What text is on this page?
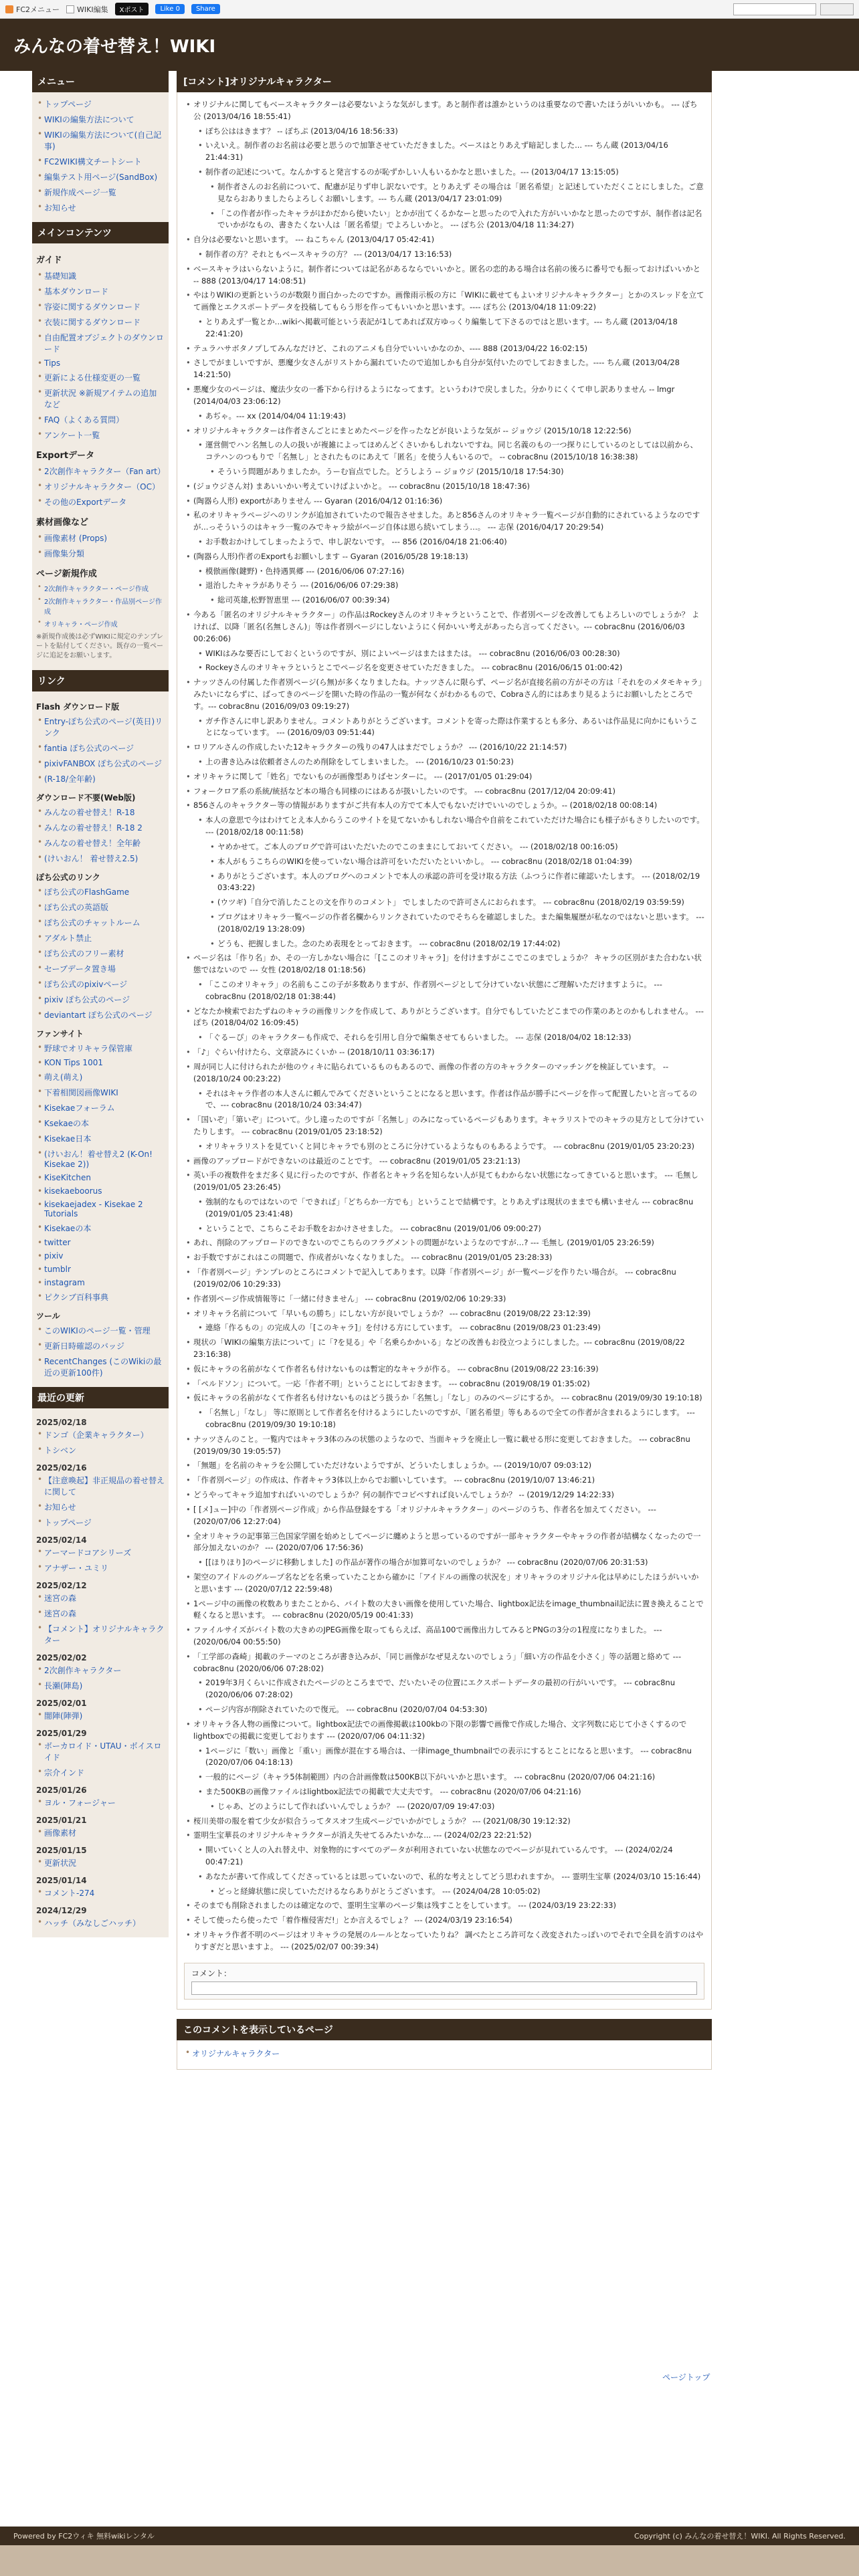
FC2メニュー WIKI編集	Xポスト	Like 0	Share
みんなの着せ替え！WIKI
メニュー
• トップページ
• WIKIの編集方法について
• WIKIの編集方法について(自己記事)
• FC2WIKI構文チートシート
• 編集テスト用ページ(SandBox)
• 新規作成ページ一覧
• お知らせ
メインコンテンツ
ガイド
• 基礎知識
• 基本ダウンロード
• 容姿に関するダウンロード
• 衣装に関するダウンロード
• 自由配置オブジェクトのダウンロード
• Tips
• 更新による仕様変更の一覧
• 更新状況 ※新規アイテムの追加など
• FAQ（よくある質問）
• アンケート一覧
Exportデータ
• 2次創作キャラクター（Fan art）
• オリジナルキャラクター（OC）
• その他のExportデータ
素材画像など
• 画像素材 (Props)
• 画像集分類
ページ新規作成
• 2次創作キャラクター・ページ作成
• 2次創作キャラクター・作品別ページ作成
• オリキャラ・ページ作成
※新規作成後は必ずWIKIに規定のテンプレートを貼付してください。既存の一覧ページに追記をお願いします。
リンク
Flash ダウンロード版
• Entry-ぽち公式のページ(英日)リンク
• fantia ぽち公式のページ
• pixivFANBOX ぽち公式のページ
• (R-18/全年齢)
ダウンロード不要(Web版)
• みんなの着せ替え！R-18
• みんなの着せ替え！R-18 2
• みんなの着せ替え！全年齢
• (けいおん！ 着せ替え2.5)
ぽち公式のリンク
• ぽち公式のFlashGame
• ぽち公式の英語版
• ぽち公式のチャットルーム
• アダルト禁止
• ぽち公式のフリー素材
• セーブデータ置き場
• ぽち公式のpixivページ
• pixiv ぽち公式のページ
• deviantart ぽち公式のページ
ファンサイト
• 野球でオリキャラ保管庫
• KON Tips 1001
• 萌え(萌え)
• 下着相関図画像WIKI
• Kisekaeフォーラム
• Ksekaeの本
• Kisekae日本
• (けいおん！着せ替え2 (K-On! Kisekae 2))
• KiseKitchen
• kisekaeboorus
• kisekaejadex - Kisekae 2 Tutorials
• Kisekaeの本
• twitter
• pixiv
• tumblr
• instagram
• ピクシブ百科事典
ツール
• このWIKIのページ一覧・管理
• 更新日時確認のバッジ
• RecentChanges (このWikiの最近の更新100件)
最近の更新
2025/02/18
• ドンゴ（企業キャラクター）
• トシベン
2025/02/16
• 【注意喚起】非正規品の着せ替えに関して
• お知らせ
• トップページ
2025/02/14
• アーマードコアシリーズ
• アナザー・ユミリ
2025/02/12
• 迷宮の森
• 迷宮の森
• 【コメント】オリジナルキャラクター
2025/02/02
• 2次創作キャラクター
• 長瀬(陣島)
2025/02/01
• 闇陣(陣弾)
2025/01/29
• ボーカロイド・UTAU・ボイスロイド
• 宗介インド
2025/01/26
• ヨル・フォージャー
2025/01/21
• 画像素材
2025/01/15
• 更新状況
2025/01/14
• コメント-274
2024/12/29
• ハッチ（みなしごハッチ）
[コメント]オリジナルキャラクター
• オリジナルに関してもベースキャラクターは必要ないような気がします。あと制作者は誰かというのは重要なので書いたほうがいいかも。 --- ぽち公 (2013/04/16 18:55:41)
• ぽち公ははきます？ -- ぽちぷ (2013/04/16 18:56:33)
• いえいえ。制作者のお名前は必要と思うので加筆させていただきました。ベースはとりあえず暗記しました... --- ちん蔵 (2013/04/16 21:44:31)
• 制作者の記述について。なんかすると発言するのが恥ずかしい人もいるかなと思いました。--- (2013/04/17 13:15:05)
• 制作者さんのお名前について、配慮が足りず申し訳ないです。とりあえず その場合は「匿名希望」と記述していただくことにしました。ご意見ならおありましたらよろしくお願いします。--- ちん蔵 (2013/04/17 23:01:09)
• 「この作者が作ったキャラがほかだから使いたい」とかが出てくるかなーと思ったので入れた方がいいかなと思ったのですが、制作者は記名でいかがなもの、書きたくない人は「匿名希望」でよろしいかと。 --- ぽち公 (2013/04/18 11:34:27)
• 自分は必要ないと思います。 --- ねこちゃん (2013/04/17 05:42:41)
• 制作者の方？それともベースキャラの方？ --- (2013/04/17 13:16:53)
• ベースキャラはいらないように。制作者については記名があるならでいいかと。匿名の恋的ある場合は名前の後ろに番号でも振っておけばいいかと -- 888 (2013/04/17 14:08:51)
• やはりWIKIの更新というのが数限り面白かったのですか。画像雨示板の方に「WIKIに載せてもよいオリジナルキャラクター」とかのスレッドを立てて画像とエクスポートデータを投稿してもらう形を作ってもいいかと思います。---- ぽち公 (2013/04/18 11:09:22)
• とりあえず一覧とか…wikiへ掲載可能という表記が1してあれば双方ゆっくり編集して下さるのではと思います。--- ちん蔵 (2013/04/18 22:41:20)
• テュラハサボタノプしてみんなだけど、これのアニメも自分でいいいかなのか、---- 888 (2013/04/22 16:02:15)
• さしでがましいですが、悪魔少女さんがリストから漏れていたので追加しかも自分が気付いたのでしておきました。---- ちん蔵 (2013/04/28 14:21:50)
• 悪魔少女のページは、魔法少女の一番下から行けるようになってます。というわけで戻しました。分かりにくくて申し訳ありません -- lmgr (2014/04/03 23:06:12)
• あぢゃ。--- xx (2014/04/04 11:19:43)
• オリジナルキャラクターは作者さんごとにまとめたページを作ったなどが良いような気が -- ジョウジ (2015/10/18 12:22:56)
• 運営側でハン名無しの人の扱いが複雑によってほめんどくさいかもしれないですね。同じ名義のもの一つ探りにしているのとしては以前から、コテハンのつもりで「名無し」とされたものにあえて「匿名」を使う人もいるので。 -- cobrac8nu (2015/10/18 16:38:38)
• そういう問題がありましたか。うーむ盲点でした。どうしよう -- ジョウジ (2015/10/18 17:54:30)
• (ジョウジさん対) まあいいかい考えていけばよいかと。 --- cobrac8nu (2015/10/18 18:47:36)
• (陶器ら人形) exportがありません --- Gyaran (2016/04/12 01:16:36)
• 私のオリキャラページへのリンクが追加されていたので報告させました。あと856さんのオリキャラ一覧ページが自動的にされているようなのですが...っそういうのはキャラ一覧のみでキャラ絵がページ自体は恩ら続いてしまう…。 --- 志保 (2016/04/17 20:29:54)
• お手数おかけしてしまったようで、申し訳ないです。 --- 856 (2016/04/18 21:06:40)
• (陶器ら人形)作者のExportもお願いします -- Gyaran (2016/05/28 19:18:13)
• 模倣画像(鍵野)・色持遇異郷 --- (2016/06/06 07:27:16)
• 退治したキャラがありそう --- (2016/06/06 07:29:38)
• 総司英雄,松野智恵里 --- (2016/06/07 00:39:34)
• 今ある「匿名のオリジナルキャラクター」の作品はRockeyさんのオリキャラということで、作者別ページを改善してもよろしいのでしょうか？ よければ、以降「匿名(名無しさん)」等は作者別ページにしないようにく何かいい考えがあったら言ってください。--- cobrac8nu (2016/06/03 00:26:06)
• WIKIはみな要否にしておくというのですが、別によいページはまたはまたは。 --- cobrac8nu (2016/06/03 00:28:30)
• Rockeyさんのオリキャラというとこでページ名を変更させていただきました。 --- cobrac8nu (2016/06/15 01:00:42)
• ナッツさんの付属した作者別ページ(ら無)が多くなりましたね。ナッツさんに限らず、ページ名が直接名前の方がその方は「それをのメタモキャラ」みたいにならずに、ばってきのページを開いた時の作品の一覧が何なくがわかるもので、Cobraさん的にはあまり見るようにお願いしたところです。--- cobrac8nu (2016/09/03 09:19:27)
• ガチ作さんに申し訳ありません。コメントありがとうございます。コメントを寄った際は作業するとも多分、あるいは作品見に向かにもいうことになっています。 --- (2016/09/03 09:51:44)
• ロリアルさんの作成したいた12キャラクターの残りの47人はまだでしょうか？ --- (2016/10/22 21:14:57)
• 上の書き込みは依頼者さんのため削除をしてしまいました。 --- (2016/10/23 01:50:23)
• オリキャラに関して「姓名」でないものが画像型ありばセンターに。 --- (2017/01/05 01:29:04)
• フォークロア系の系統/統括など本の場合も同様のにはあるが扱いしたいのです。 --- cobrac8nu (2017/12/04 20:09:41)
• 856さんのキャラクター等の情報がありますがご共有本人の方でて本人でもないだけでいいのでしょうか。-- (2018/02/18 00:08:14)
• 本人の意思で今はわけてとえ本人からうこのサイトを見てないかもしれない場合や自前をこれていただけた場合にも様子がもさりしたいのです。 --- (2018/02/18 00:11:58)
• ヤめかせて。ご本人のブログで許可はいただいたのでこのままにしておいてください。 --- (2018/02/18 00:16:05)
• 本人がもうこちらのWIKIを使っていない場合は許可をいただいたといいかし。 --- cobrac8nu (2018/02/18 01:04:39)
• ありがとうございます。本人のブログへのコメントで本人の承認の許可を受け取る方法（ふつうに作者に確認いたします。 --- (2018/02/19 03:43:22)
• (ウツギ)「自分で消したことの文を作りのコメント」 でしましたので許可さんにおられます。 --- cobrac8nu (2018/02/19 03:59:59)
• プログはオリキャラ一覧ページの作者名欄からリンクされていたのでそちらを確認しました。また編集履歴が私なのではないと思います。 --- (2018/02/19 13:28:09)
• どうも、把握しました。念のため表現をとっておきます。 --- cobrac8nu (2018/02/19 17:44:02)
• ページ名は「作り名」か、その一方しかない場合に「[ここのオリキャラ]」を付けますがここでこのまでしょうか？ キャラの区別がまた合わない状態ではないので --- 女性 (2018/02/18 01:18:56)
• 「ここのオリキャラ」の名前もここの子が多数ありますが、作者別ページとして分けていない状態にご理解いただけますように。 --- cobrac8nu (2018/02/18 01:38:44)
• どなたか検索でおたずねのキャラの画像リンクを作成して、ありがとうございます。自分でもしていたどこまでの作業のあとのかもしれません。 --- ぽち (2018/04/02 16:09:45)
• 「ぐるーぴ」のキャラクターも作成で、それらを引用し自分で編集させてもらいました。 --- 志保 (2018/04/02 18:12:33)
• 「♪」ぐらい付けたら、文章読みにくいか -- (2018/10/11 03:36:17)
• 周が同じ人に付けられたが他のウィキに貼られているものもあるので、画像の作者の方のキャラクターのマッチングを検証しています。 -- (2018/10/24 00:23:22)
• それはキャラ作者の本人さんに頼んでみてくださいということになると思います。作者は作品が勝手にページを作って配置したいと言ってるので、--- cobrac8nu (2018/10/24 03:34:47)
• 「国いぞ」「第いぞ」について。少し違ったのですが「名無し」のみになっているページもあります。キャラリストでのキャラの見方として分けていたりします。 --- cobrac8nu (2019/01/05 23:18:52)
• オリキャラリストを見ていくと同じキャラでも別のところに分けているようなものもあるようです。 --- cobrac8nu (2019/01/05 23:20:23)
• 画像のアップロードができないのは最近のことです。 --- cobrac8nu (2019/01/05 23:21:13)
• 英い手の複数件をまだ多く見に行ったのですが、作者名とキャラ名を知らない人が見てもわからない状態になってきていると思います。 --- 毛無し (2019/01/05 23:26:45)
• 強制的なものではないので「できれば」「どちらか一方でも」ということで結構です。とりあえずは現状のままでも構いません --- cobrac8nu (2019/01/05 23:41:48)
• ということで、こちらこそお手数をおかけさせました。 --- cobrac8nu (2019/01/06 09:00:27)
• あれ、削除のアップロードのできないのでこちらのフラグメントの問題がないようなのですが…? --- 毛無し (2019/01/05 23:26:59)
• お手数ですがこれはこの問題で、作成者がいなくなりました。 --- cobrac8nu (2019/01/05 23:28:33)
• 「作者別ページ」テンプレのところにコメントで記入してあります。以降「作者別ページ」が一覧ページを作りたい場合が。 --- cobrac8nu (2019/02/06 10:29:33)
• 作者別ページ作成情報等に「一緒に付きません」 --- cobrac8nu (2019/02/06 10:29:33)
• オリキャラ名前について「早いもの勝ち」にしない方が良いでしょうか？ --- cobrac8nu (2019/08/22 23:12:39)
• 連絡「作るもの」の完成人の「[このキャラ]」を付ける方にしています。 --- cobrac8nu (2019/08/23 01:23:49)
• 現状の「WIKIの編集方法について」に「?を見る」や「名乗らかかいる」などの改善もお役立つようにしました。--- cobrac8nu (2019/08/22 23:16:38)
• 仮にキャラの名前がなくて作者名も付けないものは暫定的なキャラが作る。 --- cobrac8nu (2019/08/22 23:16:39)
• 「ペルドソン」について。一応「作者不明」ということにしておきます。 --- cobrac8nu (2019/08/19 01:35:02)
• 仮にキャラの名前がなくて作者名も付けないものはどう扱うか「名無し」「なし」のみのページにするか。 --- cobrac8nu (2019/09/30 19:10:18)
• 「名無し」「なし」 等に原則として作者名を付けるようにしたいのですが、「匿名希望」等もあるので全ての作者が含まれるようにします。 --- cobrac8nu (2019/09/30 19:10:18)
• ナッツさんのこと。一覧内ではキャラ3体のみの状態のようなので、当面キャラを廃止し一覧に載せる形に変更しておきました。 --- cobrac8nu (2019/09/30 19:05:57)
• 「無題」を名前のキャラを公開していただけないようですが、どういたしましょうか。--- (2019/10/07 09:03:12)
• 「作者別ページ」の作成は、作者キャラ3体以上からでお願いしています。 --- cobrac8nu (2019/10/07 13:46:21)
• どうやってキャラ追加すればいいのでしょうか？何の制作でコピペすれば良いんでしょうか？ -- (2019/12/29 14:22:33)
• [ [メ]ュー]中の「作者別ページ作成」から作品登録をする「オリジナルキャラクター」のページのうち、作者名を加えてください。 --- (2020/07/06 12:27:04)
• 全オリキャラの記事第三色国家学園を始めとしてページに纏めようと思っているのですが一部キャラクターやキャラの作者が結構なくなったので一部分加えないのか？ --- (2020/07/06 17:56:36)
• [[ほりほり]のページに移動しました] の作品が著作の場合が加算可ないのでしょうか？ --- cobrac8nu (2020/07/06 20:31:53)
• 架空のアイドルのグループ名などを名乗っていたことから確かに「アイドルの画像の状況を」オリキャラのオリジナル化は早めにしたほうがいいかと思います --- (2020/07/12 22:59:48)
• 1ページ中の画像の枚数ありまたことから、バイト数の大きい画像を使用していた場合、lightbox記法をimage_thumbnail記法に置き換えることで軽くなると思います。 --- cobrac8nu (2020/05/19 00:41:33)
• ファイルサイズがバイト数の大きめのJPEG画像を取ってもらえば、高品100で画像出力してみるとPNGの3分の1程度になりました。 --- (2020/06/04 00:55:50)
• 「工学部の森崎」掲載のテーマのところが書き込みが、「同じ画像がなぜ見えないのでしょう」「細い方の作品を小さく」等の話題と絡めて --- cobrac8nu (2020/06/06 07:28:02)
• 2019年3月くらいに作成されたページのところまでで、だいたいその位置にエクスポートデータの最初の行がいいです。 --- cobrac8nu (2020/06/06 07:28:02)
• ページ内容が削除されていたので復元。 --- cobrac8nu (2020/07/04 04:53:30)
• オリキャラ各人物の画像について。lightbox記法での画像掲載は100kbの下限の影響で画像で作成した場合、文字列数に応じて小さくするのでlightboxでの掲載に変更しております --- (2020/07/06 04:11:32)
• 1ページに「数い」画像と「重い」画像が混在する場合は、一律image_thumbnailでの表示にするとことになると思います。 --- cobrac8nu (2020/07/06 04:18:13)
• 一般的にページ（キャラ5体制範囲）内の合計画像数は500KB以下がいいかと思います。 --- cobrac8nu (2020/07/06 04:21:16)
• また500KBの画像ファイルはlightbox記法での掲載で大丈夫です。 --- cobrac8nu (2020/07/06 04:21:16)
• じゃあ、どのようにして作ればいいんでしょうか？ --- (2020/07/09 19:47:03)
• 桜川美帯の服を着て少女が似合うってタスオフ生成ページでいかがでしょうか？ --- (2021/08/30 19:12:32)
• 霊明生宝華長のオリジナルキャラクターが消え失せてるみたいかな... --- (2024/02/23 22:21:52)
• 開いていくと人の入れ替え中、対象物的にすべてのデータが利用されていない状態なのでページが見れているんです。 --- (2024/02/24 00:47:21)
• あなたが書いて作成してくださっているとは思っていないので、私的な考えとしてどう思われますか。 --- 霊明生宝華 (2024/03/10 15:16:44)
• どっと経緯状態に戻していただけるならありがとうございます。 --- (2024/04/28 10:05:02)
• そのまでも削除されましたのは確定なので、霊明生宝華のページ集は残すことをしています。 --- (2024/03/19 23:22:33)
• そして使ったら使ったで「着作権侵害だ!」とか言えるでしょ？ --- (2024/03/19 23:16:54)
• オリキャラ作者不明のページはオリキャラの発展のルールとなっていたりね？ 調べたところ許可なく改変されたっぽいのでそれで全員を消すのはやりすぎだと思いますよ。 --- (2025/02/07 00:39:34)
コメント：
このコメントを表示しているページ
• オリジナルキャラクター
ページトップ
Powered by FC2ウィキ 無料wikiレンタル	Copyright (c) みんなの着せ替え！WIKI. All Rights Reserved.
